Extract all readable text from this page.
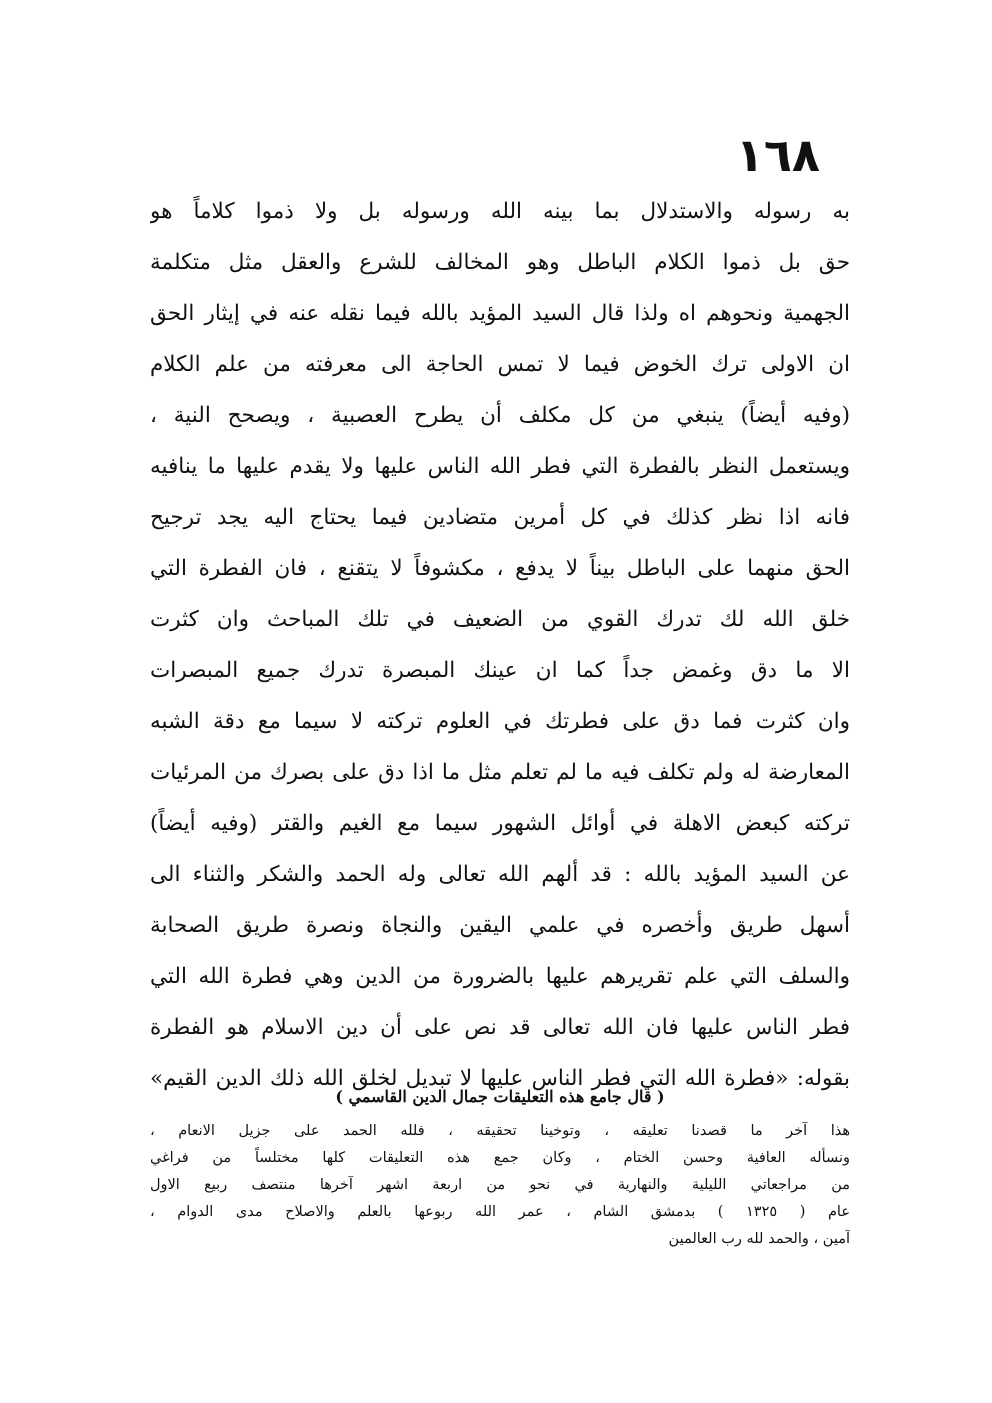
١٦٨
به رسوله والاستدلال بما بينه الله ورسوله بل ولا ذموا كلاماً هو
حق بل ذموا الكلام الباطل وهو المخالف للشرع والعقل مثل متكلمة
الجهمية ونحوهم اه ولذا قال السيد المؤيد بالله فيما نقله عنه في إيثار الحق
ان الاولى ترك الخوض فيما لا تمس الحاجة الى معرفته من علم الكلام
(وفيه أيضاً) ينبغي من كل مكلف أن يطرح العصبية ، ويصحح النية ،
ويستعمل النظر بالفطرة التي فطر الله الناس عليها ولا يقدم عليها ما ينافيه
فانه اذا نظر كذلك في كل أمرين متضادين فيما يحتاج اليه يجد ترجيح
الحق منهما على الباطل بيناً لا يدفع ، مكشوفاً لا يتقنع ، فان الفطرة التي
خلق الله لك تدرك القوي من الضعيف في تلك المباحث وان كثرت
الا ما دق وغمض جداً كما ان عينك المبصرة تدرك جميع المبصرات
وان كثرت فما دق على فطرتك في العلوم تركته لا سيما مع دقة الشبه
المعارضة له ولم تكلف فيه ما لم تعلم مثل ما اذا دق على بصرك من المرئيات
تركته كبعض الاهلة في أوائل الشهور سيما مع الغيم والقتر (وفيه أيضاً)
عن السيد المؤيد بالله : قد ألهم الله تعالى وله الحمد والشكر والثناء الى
أسهل طريق وأخصره في علمي اليقين والنجاة ونصرة طريق الصحابة
والسلف التي علم تقريرهم عليها بالضرورة من الدين وهي فطرة الله التي
فطر الناس عليها فان الله تعالى قد نص على أن دين الاسلام هو الفطرة
بقوله: «فطرة الله التي فطر الناس عليها لا تبديل لخلق الله ذلك الدين القيم»
( قال جامع هذه التعليقات جمال الدين القاسمي )
هذا آخر ما قصدنا تعليقه ، وتوخينا تحقيقه ، فلله الحمد على جزيل الانعام ،
ونسأله العافية وحسن الختام ، وكان جمع هذه التعليقات كلها مختلساً من فراغي
من مراجعاتي الليلية والنهارية في نحو من اربعة اشهر آخرها منتصف ربيع الاول
عام ( ١٣٢٥ ) بدمشق الشام ، عمر الله ربوعها بالعلم والاصلاح مدى الدوام ،
آمين ، والحمد لله رب العالمين
